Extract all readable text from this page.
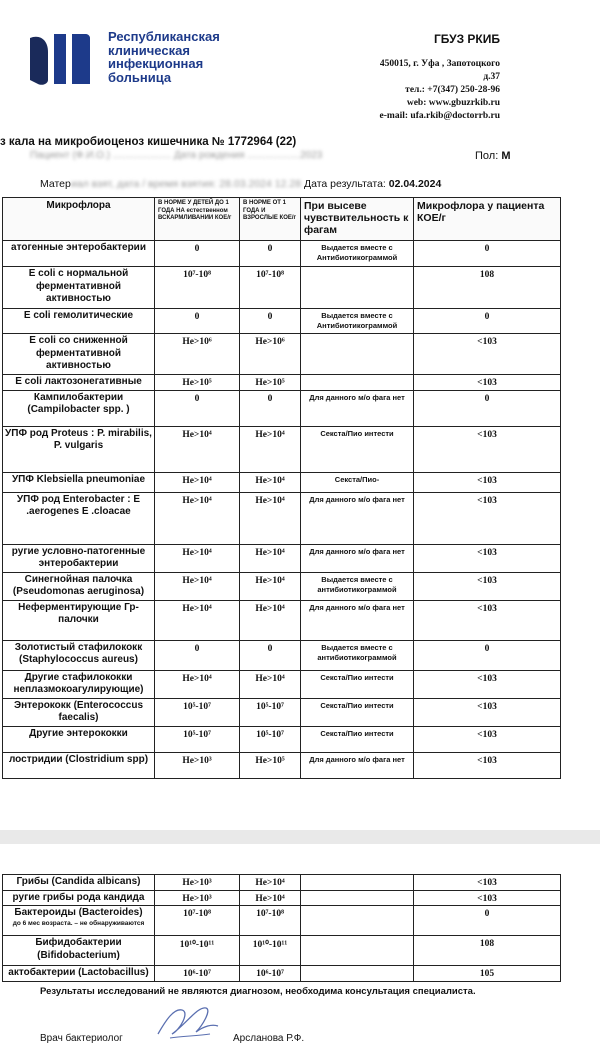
Республиканская
клиническая
инфекционная
больница
ГБУЗ РКИБ
450015, г. Уфа , Запотоцкого
д.37
тел.: +7(347) 250-28-96
web: www.gbuzrkib.ru
e-mail: ufa.rkib@doctorrb.ru
з кала на микробиоценоз кишечника № 1772964 (22)
Пациент (Ф.И.О.) ..................... Дата рождения ...................2023	Пол: М
Материал взят, дата / время взятия: 28.03.2024 12.28 Дата результата: 02.04.2024
Микрофлора	В НОРМЕ У ДЕТЕЙ ДО 1 ГОДА НА естественном ВСКАРМЛИВАНИИ КОЕ/г	В НОРМЕ ОТ 1 ГОДА И ВЗРОСЛЫЕ КОЕ/г	При высеве чувствительность к фагам	Микрофлора у пациента КОЕ/г
атогенные энтеробактерии	0	0	Выдается вместе с Антибиотикограммой	0
E coli с нормальной ферментативной активностью	10⁷-10⁸	10⁷-10⁸		108
E coli гемолитические	0	0	Выдается вместе с Антибиотикограммой	0
E coli со сниженной ферментативной активностью	Не>10⁶	Не>10⁶		<103
E coli лактозонегативные	Не>10⁵	Не>10⁵		<103
Кампилобактерии (Campilobacter spp. )	0	0	Для данного м/о фага нет	0
УПФ род Proteus : P. mirabilis, P. vulgaris	Не>10⁴	Не>10⁴	Секста/Пио интести	<103
УПФ Klebsiella pneumoniae	Не>10⁴	Не>10⁴	Секста/Пио-	<103
УПФ род Enterobacter : E .aerogenes E .cloacae	Не>10⁴	Не>10⁴	Для данного м/о фага нет	<103
ругие условно-патогенные энтеробактерии	Не>10⁴	Не>10⁴	Для данного м/о фага нет	<103
Синегнойная палочка (Pseudomonas aeruginosa)	Не>10⁴	Не>10⁴	Выдается вместе с антибиотикограммой	<103
Неферментирующие Гр- палочки	Не>10⁴	Не>10⁴	Для данного м/о фага нет	<103
Золотистый стафилококк (Staphylococcus aureus)	0	0	Выдается вместе с антибиотикограммой	0
Другие стафилококки неплазмокоагулирующие)	Не>10⁴	Не>10⁴	Секста/Пио интести	<103
Энтерококк (Enterococcus faecalis)	10⁵-10⁷	10⁵-10⁷	Секста/Пио интести	<103
Другие энтерококки	10⁵-10⁷	10⁵-10⁷	Секста/Пио интести	<103
лостридии (Clostridium spp)	Не>10³	Не>10⁵	Для данного м/о фага нет	<103
Грибы (Candida albicans)	Не>10³	Не>10⁴		<103
ругие грибы рода кандида	Не>10³	Не>10⁴		<103
Бактероиды (Bacteroides)
до 6 мес возраста. – не обнаруживаются	10⁷-10⁸	10⁷-10⁸		0
Бифидобактерии (Bifidobacterium)	10¹⁰-10¹¹	10¹⁰-10¹¹		108
актобактерии (Lactobacillus)	10⁶-10⁷	10⁶-10⁷		105
Результаты исследований не являются диагнозом, необходима консультация специалиста.
Врач бактериолог	Арсланова Р.Ф.
